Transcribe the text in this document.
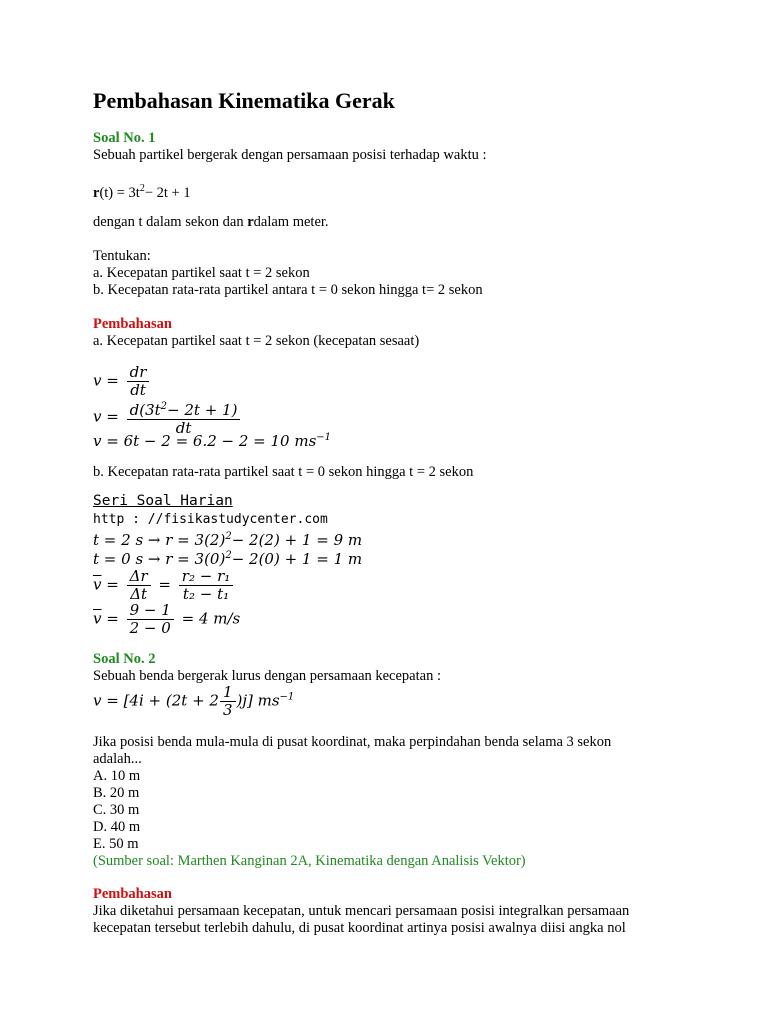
Pembahasan Kinematika Gerak
Soal No. 1
Sebuah partikel bergerak dengan persamaan posisi terhadap waktu :
$r(t) = 3t^2- 2t + 1$
dengan t dalam sekon dan rdalam meter.
Tentukan:
a. Kecepatan partikel saat t = 2 sekon
b. Kecepatan rata-rata partikel antara t = 0 sekon hingga t= 2 sekon
Pembahasan
a. Kecepatan partikel saat t = 2 sekon (kecepatan sesaat)
$v = \frac{dr}{dt}$
$v = \frac{d(3t^2- 2t + 1)}{dt}$
v = 6t − 2 = 6.2 − 2 = 10 $ms^{-1}$
b. Kecepatan rata-rata partikel saat t = 0 sekon hingga t = 2 sekon
Seri Soal Harian
http : //fisikastudycenter.com
t = 2 $s \to r = 3(2)^2- 2(2) + 1 = 9$ m
t = 0 $s \to r = 3(0)^2- 2(0) + 1 = 1$ m
$\overline{v} = \frac{\Delta r}{\Delta t} = \frac{\text{r₂ − r₁}}{\text{t₂ − t₁}}$
$\overline{v} = \frac{9 - 1}{2 - 0} = 4$ m/s
Soal No. 2
Sebuah benda bergerak lurus dengan persamaan kecepatan :
$v = [4i + (2t + 2 \frac{1}{3} )j]$ $ms^{-1}$
Jika posisi benda mula-mula di pusat koordinat, maka perpindahan benda selama 3 sekon
adalah...
A. 10 m
B. 20 m
C. 30 m
D. 40 m
E. 50 m
(Sumber soal: Marthen Kanginan 2A, Kinematika dengan Analisis Vektor)
Pembahasan
Jika diketahui persamaan kecepatan, untuk mencari persamaan posisi integralkan persamaan
kecepatan tersebut terlebih dahulu, di pusat koordinat artinya posisi awalnya diisi angka nol
